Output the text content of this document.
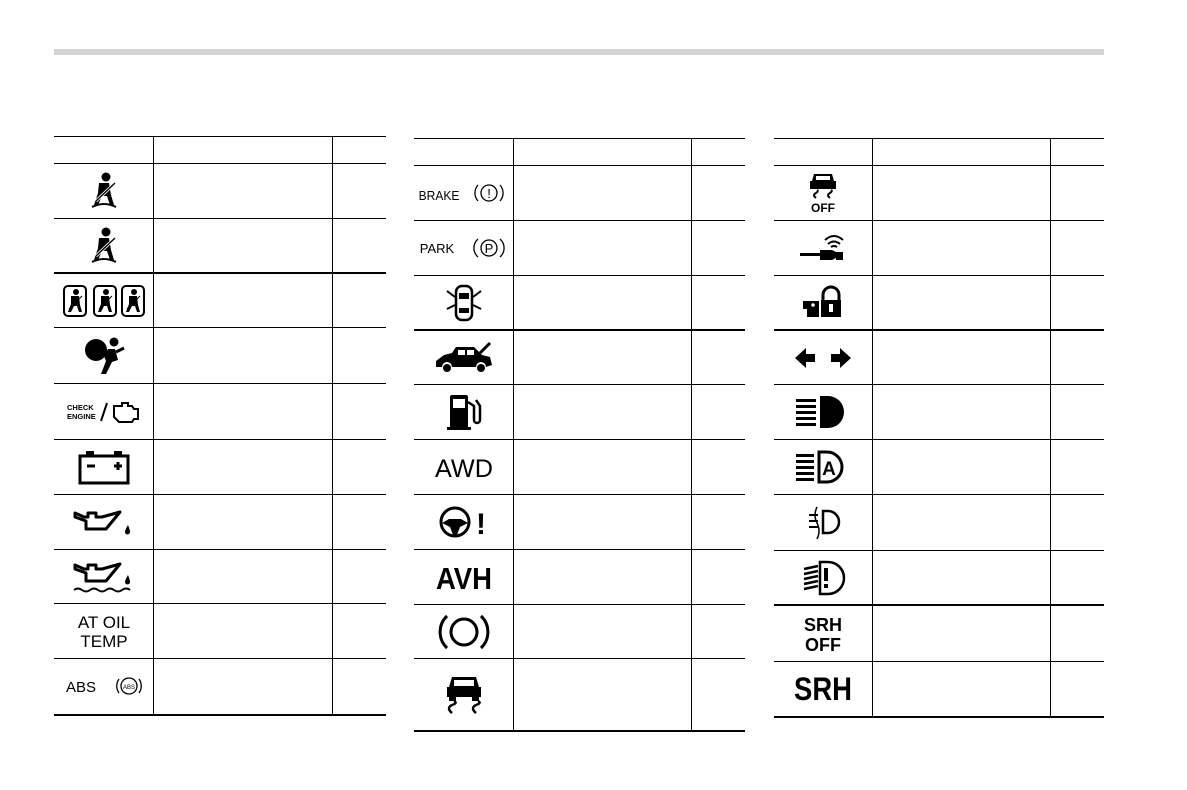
CHECK
ENGINE
AT OIL
TEMP
ABS	ABS
BRAKE !
PARK P
AWD
!
AVH
OFF
A
SRH
OFF
SRH
